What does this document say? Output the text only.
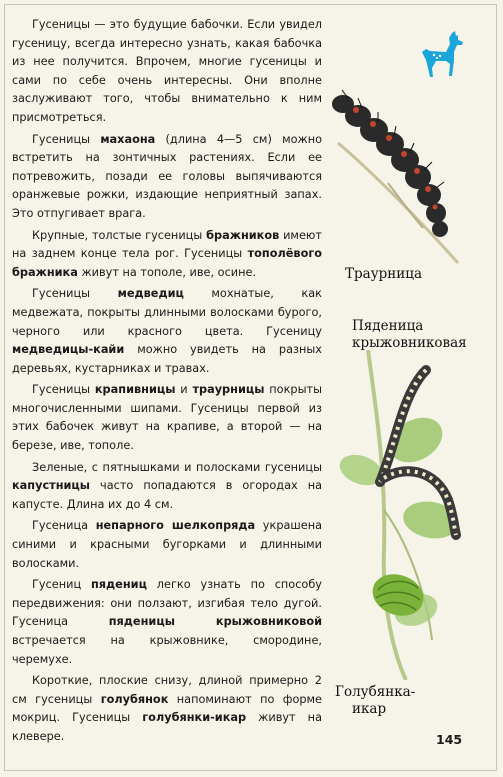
Гусеницы — это будущие бабочки. Если увидел гусеницу, всегда интересно узнать, какая бабочка из нее получится. Впрочем, многие гусеницы и сами по себе очень интересны. Они вполне заслуживают того, чтобы внимательно к ним присмотреться.

Гусеницы махаона (длина 4—5 см) можно встретить на зонтичных растениях. Если ее потревожить, позади ее головы выпячиваются оранжевые рожки, издающие неприятный запах. Это отпугивает врага.

Крупные, толстые гусеницы бражников имеют на заднем конце тела рог. Гусеницы тополёвого бражника живут на тополе, иве, осине.

Гусеницы медведиц мохнатые, как медвежата, покрыты длинными волосками бурого, черного или красного цвета. Гусеницу медведицы-кайи можно увидеть на разных деревьях, кустарниках и травах.

Гусеницы крапивницы и траурницы покрыты многочисленными шипами. Гусеницы первой из этих бабочек живут на крапиве, а второй — на березе, иве, тополе.

Зеленые, с пятнышками и полосками гусеницы капустницы часто попадаются в огородах на капусте. Длина их до 4 см.

Гусеница непарного шелкопряда украшена синими и красными бугорками и длинными волосками.

Гусениц пядениц легко узнать по способу передвижения: они ползают, изгибая тело дугой. Гусеница пяденицы крыжовниковой встречается на крыжовнике, смородине, черемухе.

Короткие, плоские снизу, длиной примерно 2 см гусеницы голубянок напоминают по форме мокриц. Гусеницы голубянки-икар живут на клевере.

Траурница
Пяденица
крыжовниковая
Голубянка-
икар
145
